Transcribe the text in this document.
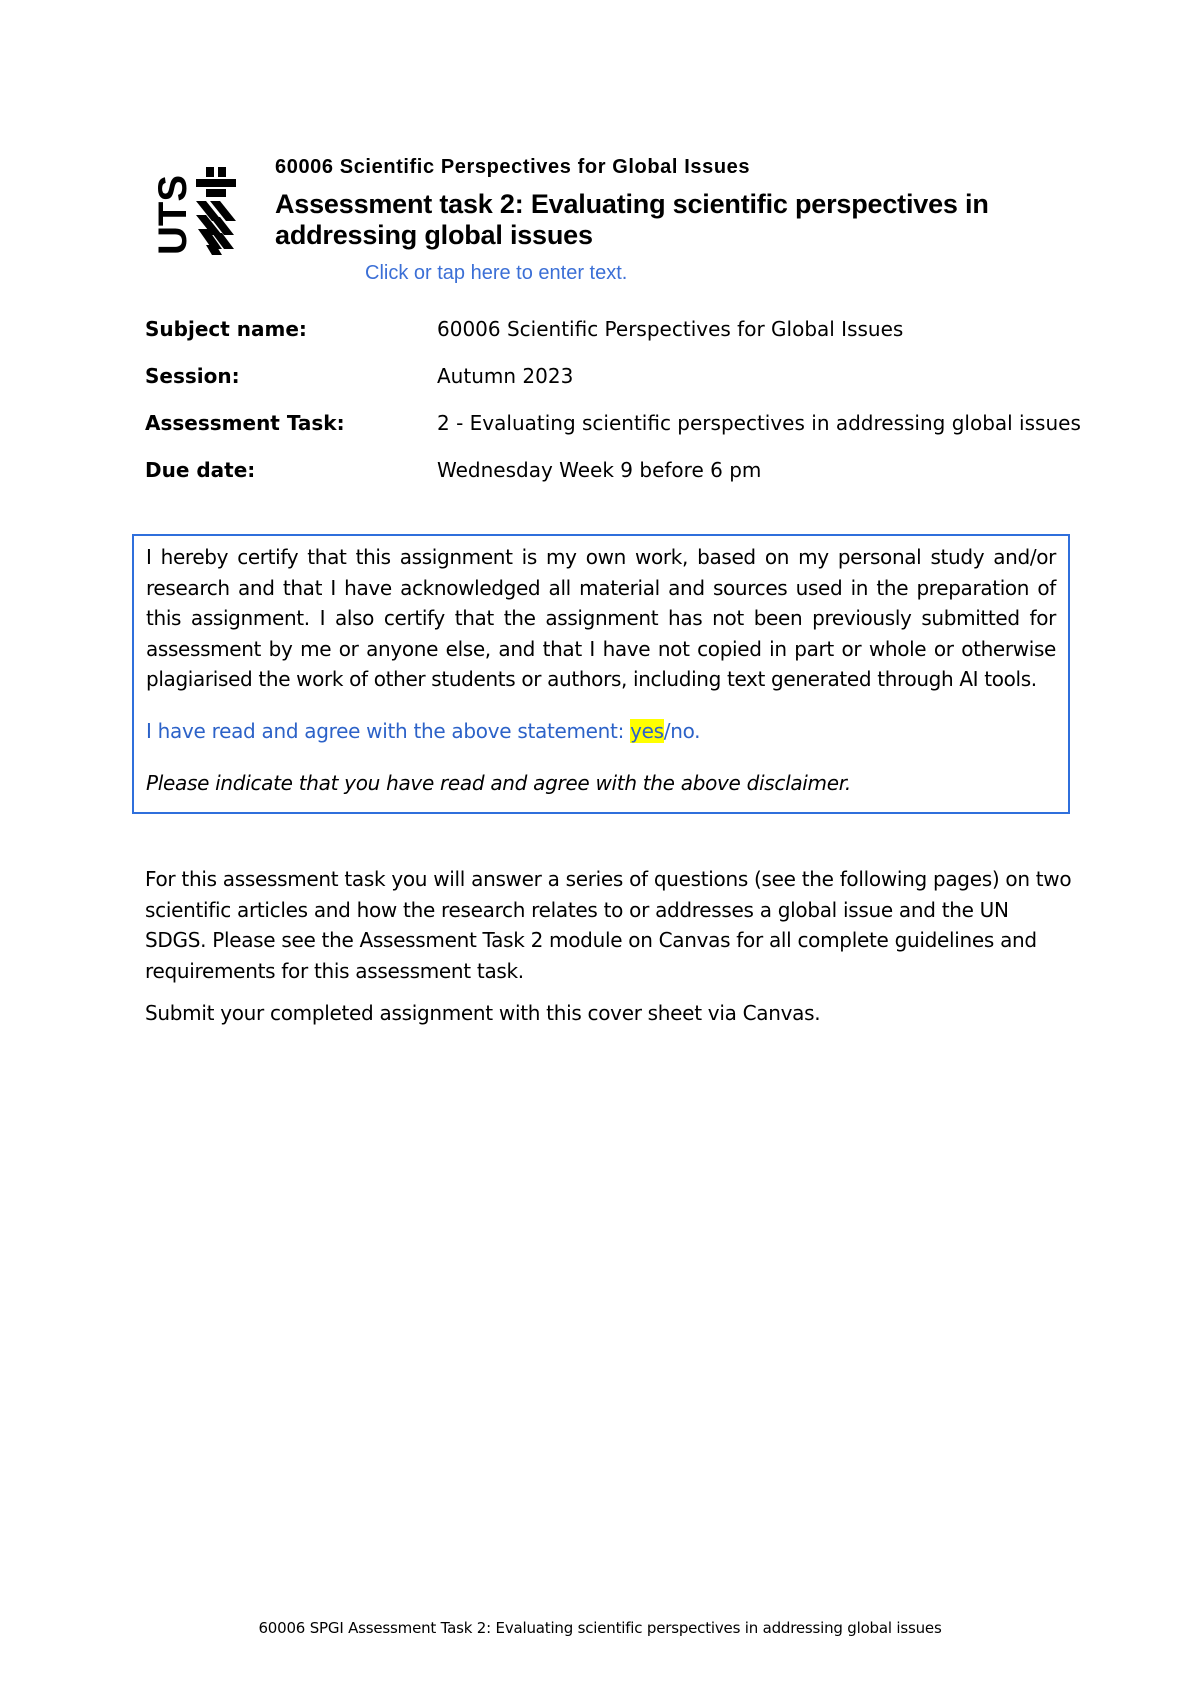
UTS

60006 Scientific Perspectives for Global Issues

Assessment task 2: Evaluating scientific perspectives in addressing global issues

Click or tap here to enter text.
Subject name:	60006 Scientific Perspectives for Global Issues
Session:	Autumn 2023
Assessment Task:	2 - Evaluating scientific perspectives in addressing global issues
Due date:	Wednesday Week 9 before 6 pm

I hereby certify that this assignment is my own work, based on my personal study and/or research and that I have acknowledged all material and sources used in the preparation of this assignment. I also certify that the assignment has not been previously submitted for assessment by me or anyone else, and that I have not copied in part or whole or otherwise plagiarised the work of other students or authors, including text generated through AI tools.

I have read and agree with the above statement: yes/no.

Please indicate that you have read and agree with the above disclaimer.

For this assessment task you will answer a series of questions (see the following pages) on two scientific articles and how the research relates to or addresses a global issue and the UN SDGS. Please see the Assessment Task 2 module on Canvas for all complete guidelines and requirements for this assessment task.

Submit your completed assignment with this cover sheet via Canvas.

60006 SPGI Assessment Task 2: Evaluating scientific perspectives in addressing global issues
